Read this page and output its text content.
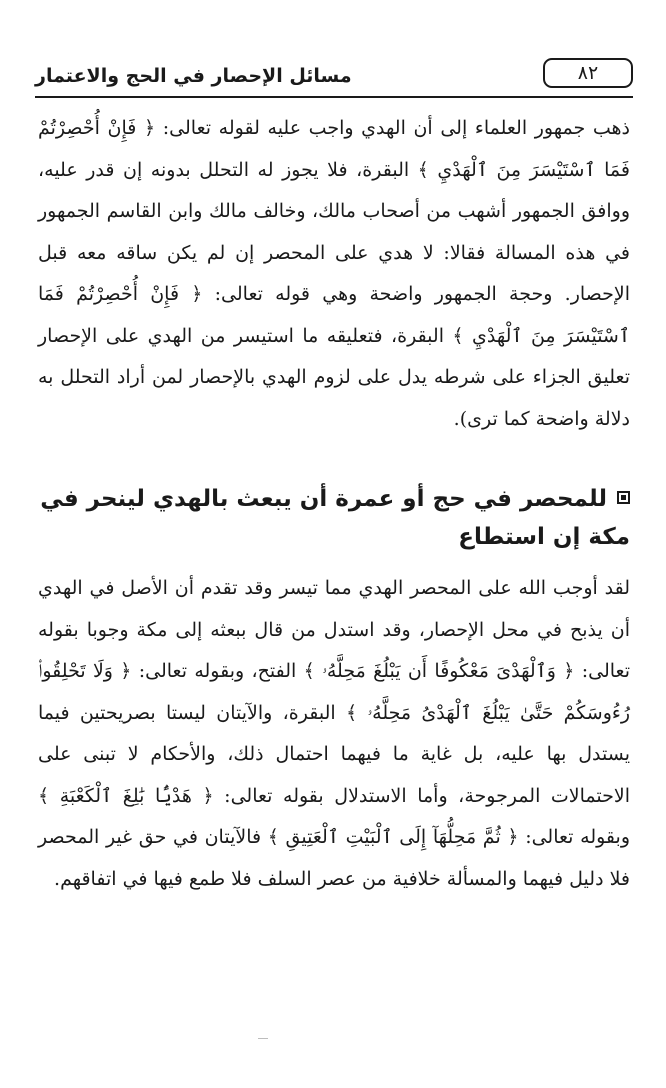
مسائل الإحصار في الحج والاعتمار	٨٢

ذهب جمهور العلماء إلى أن الهدي واجب عليه لقوله تعالى: ﴿ فَإِنْ أُحْصِرْتُمْ فَمَا ٱسْتَيْسَرَ مِنَ ٱلْهَدْيِ ﴾ البقرة، فلا يجوز له التحلل بدونه إن قدر عليه، ووافق الجمهور أشهب من أصحاب مالك، وخالف مالك وابن القاسم الجمهور في هذه المسالة فقالا: لا هدي على المحصر إن لم يكن ساقه معه قبل الإحصار. وحجة الجمهور واضحة وهي قوله تعالى: ﴿ فَإِنْ أُحْصِرْتُمْ فَمَا ٱسْتَيْسَرَ مِنَ ٱلْهَدْيِ ﴾ البقرة، فتعليقه ما استيسر من الهدي على الإحصار تعليق الجزاء على شرطه يدل على لزوم الهدي بالإحصار لمن أراد التحلل به دلالة واضحة كما ترى).

للمحصر في حج أو عمرة أن يبعث بالهدي لينحر في مكة إن استطاع

لقد أوجب الله على المحصر الهدي مما تيسر وقد تقدم أن الأصل في الهدي أن يذبح في محل الإحصار، وقد استدل من قال ببعثه إلى مكة وجوبا بقوله تعالى: ﴿ وَٱلْهَدْىَ مَعْكُوفًا أَن يَبْلُغَ مَحِلَّهُۥ ﴾ الفتح، وبقوله تعالى: ﴿ وَلَا تَحْلِقُوا۟ رُءُوسَكُمْ حَتَّىٰ يَبْلُغَ ٱلْهَدْىُ مَحِلَّهُۥ ﴾ البقرة، والآيتان ليستا بصريحتين فيما يستدل بها عليه، بل غاية ما فيهما احتمال ذلك، والأحكام لا تبنى على الاحتمالات المرجوحة، وأما الاستدلال بقوله تعالى: ﴿ هَدْيًۢا بَٰلِغَ ٱلْكَعْبَةِ ﴾ وبقوله تعالى: ﴿ ثُمَّ مَحِلُّهَآ إِلَى ٱلْبَيْتِ ٱلْعَتِيقِ ﴾ فالآيتان في حق غير المحصر فلا دليل فيهما والمسألة خلافية من عصر السلف فلا طمع فيها في اتفاقهم.
